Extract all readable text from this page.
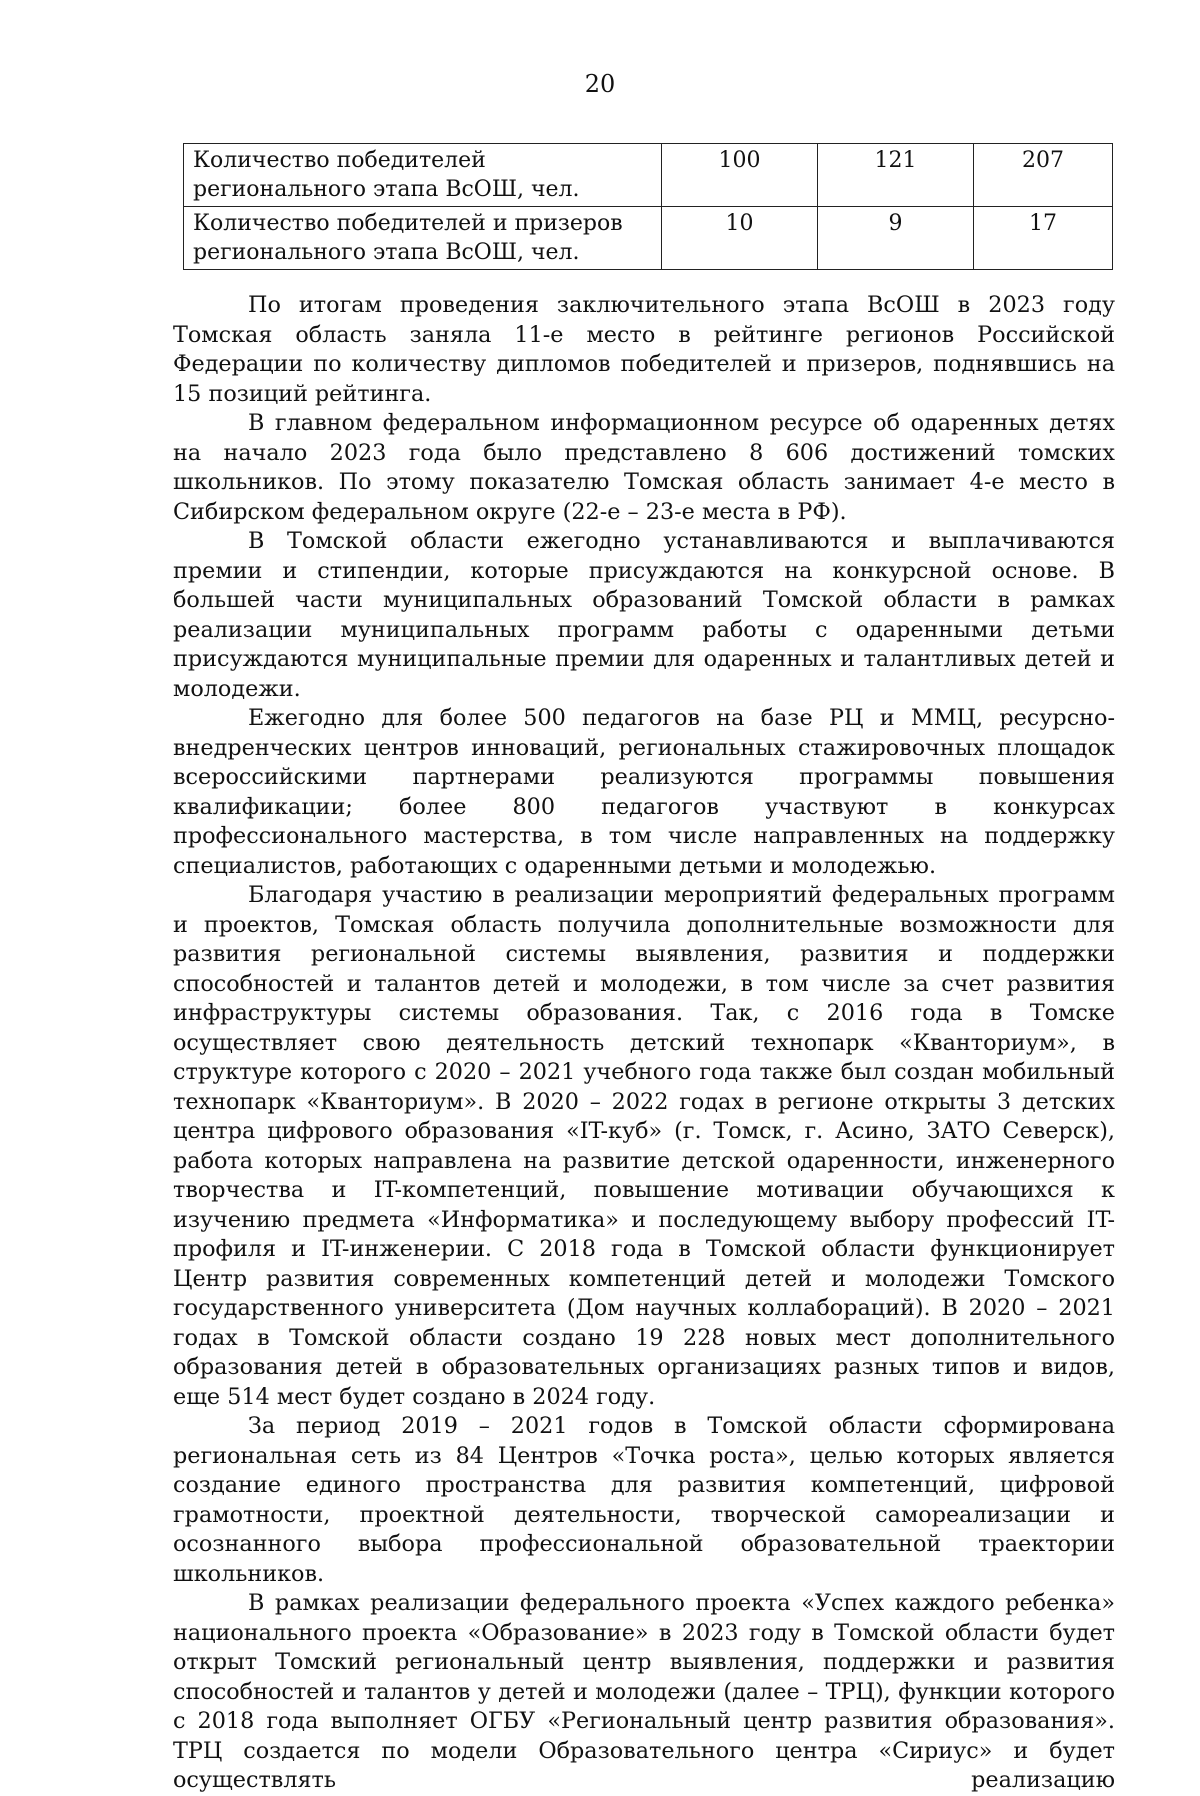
20
Количество победителей регионального этапа ВсОШ, чел.	100	121	207
Количество победителей и призеров регионального этапа ВсОШ, чел.	10	9	17

По итогам проведения заключительного этапа ВсОШ в 2023 году Томская область заняла 11-е место в рейтинге регионов Российской Федерации по количеству дипломов победителей и призеров, поднявшись на 15 позиций рейтинга.

В главном федеральном информационном ресурсе об одаренных детях на начало 2023 года было представлено 8 606 достижений томских школьников. По этому показателю Томская область занимает 4-е место в Сибирском федеральном округе (22-е – 23-е места в РФ).

В Томской области ежегодно устанавливаются и выплачиваются премии и стипендии, которые присуждаются на конкурсной основе. В большей части муниципальных образований Томской области в рамках реализации муниципальных программ работы с одаренными детьми присуждаются муниципальные премии для одаренных и талантливых детей и молодежи.

Ежегодно для более 500 педагогов на базе РЦ и ММЦ, ресурсно-внедренческих центров инноваций, региональных стажировочных площадок всероссийскими партнерами реализуются программы повышения квалификации; более 800 педагогов участвуют в конкурсах профессионального мастерства, в том числе направленных на поддержку специалистов, работающих с одаренными детьми и молодежью.

Благодаря участию в реализации мероприятий федеральных программ и проектов, Томская область получила дополнительные возможности для развития региональной системы выявления, развития и поддержки способностей и талантов детей и молодежи, в том числе за счет развития инфраструктуры системы образования. Так, с 2016 года в Томске осуществляет свою деятельность детский технопарк «Кванториум», в структуре которого с 2020 – 2021 учебного года также был создан мобильный технопарк «Кванториум». В 2020 – 2022 годах в регионе открыты 3 детских центра цифрового образования «IT-куб» (г. Томск, г. Асино, ЗАТО Северск), работа которых направлена на развитие детской одаренности, инженерного творчества и IT-компетенций, повышение мотивации обучающихся к изучению предмета «Информатика» и последующему выбору профессий IT-профиля и IT-инженерии. С 2018 года в Томской области функционирует Центр развития современных компетенций детей и молодежи Томского государственного университета (Дом научных коллабораций). В 2020 – 2021 годах в Томской области создано 19 228 новых мест дополнительного образования детей в образовательных организациях разных типов и видов, еще 514 мест будет создано в 2024 году.

За период 2019 – 2021 годов в Томской области сформирована региональная сеть из 84 Центров «Точка роста», целью которых является создание единого пространства для развития компетенций, цифровой грамотности, проектной деятельности, творческой самореализации и осознанного выбора профессиональной образовательной траектории школьников.

В рамках реализации федерального проекта «Успех каждого ребенка» национального проекта «Образование» в 2023 году в Томской области будет открыт Томский региональный центр выявления, поддержки и развития способностей и талантов у детей и молодежи (далее – ТРЦ), функции которого с 2018 года выполняет ОГБУ «Региональный центр развития образования». ТРЦ создается по модели Образовательного центра «Сириус» и будет осуществлять реализацию
